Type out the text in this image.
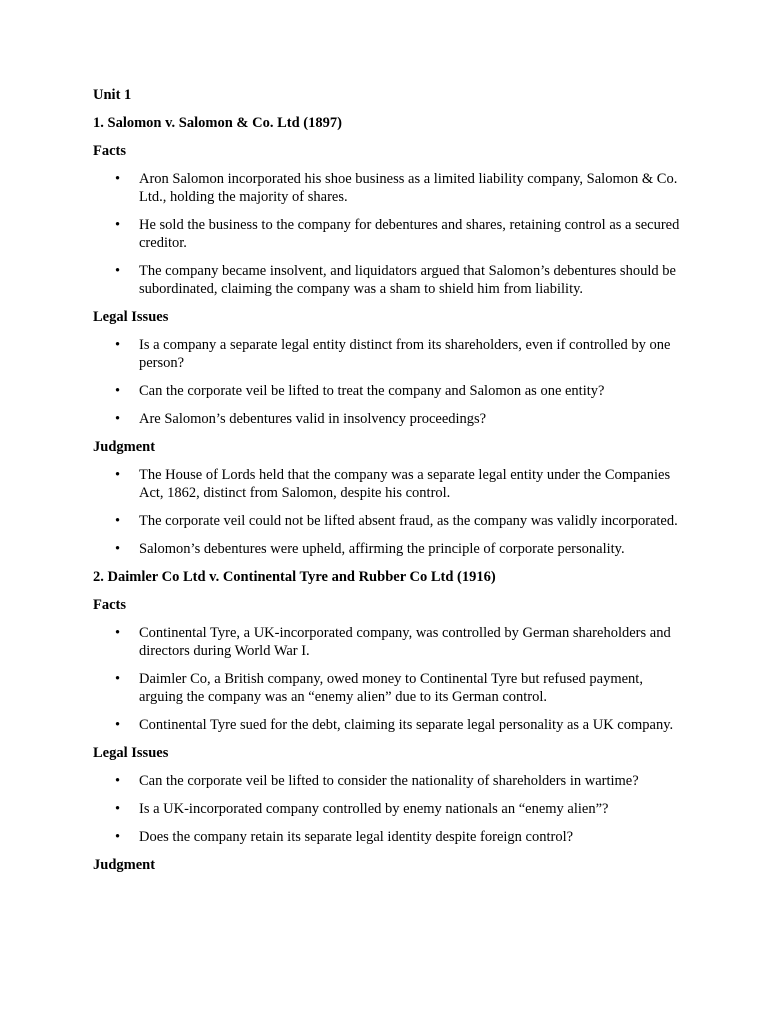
Unit 1
1. Salomon v. Salomon & Co. Ltd (1897)
Facts
•	Aron Salomon incorporated his shoe business as a limited liability company, Salomon & Co. Ltd., holding the majority of shares.
•	He sold the business to the company for debentures and shares, retaining control as a secured creditor.
•	The company became insolvent, and liquidators argued that Salomon’s debentures should be subordinated, claiming the company was a sham to shield him from liability.
Legal Issues
•	Is a company a separate legal entity distinct from its shareholders, even if controlled by one person?
•	Can the corporate veil be lifted to treat the company and Salomon as one entity?
•	Are Salomon’s debentures valid in insolvency proceedings?
Judgment
•	The House of Lords held that the company was a separate legal entity under the Companies Act, 1862, distinct from Salomon, despite his control.
•	The corporate veil could not be lifted absent fraud, as the company was validly incorporated.
•	Salomon’s debentures were upheld, affirming the principle of corporate personality.
2. Daimler Co Ltd v. Continental Tyre and Rubber Co Ltd (1916)
Facts
•	Continental Tyre, a UK-incorporated company, was controlled by German shareholders and directors during World War I.
•	Daimler Co, a British company, owed money to Continental Tyre but refused payment, arguing the company was an “enemy alien” due to its German control.
•	Continental Tyre sued for the debt, claiming its separate legal personality as a UK company.
Legal Issues
•	Can the corporate veil be lifted to consider the nationality of shareholders in wartime?
•	Is a UK-incorporated company controlled by enemy nationals an “enemy alien”?
•	Does the company retain its separate legal identity despite foreign control?
Judgment
